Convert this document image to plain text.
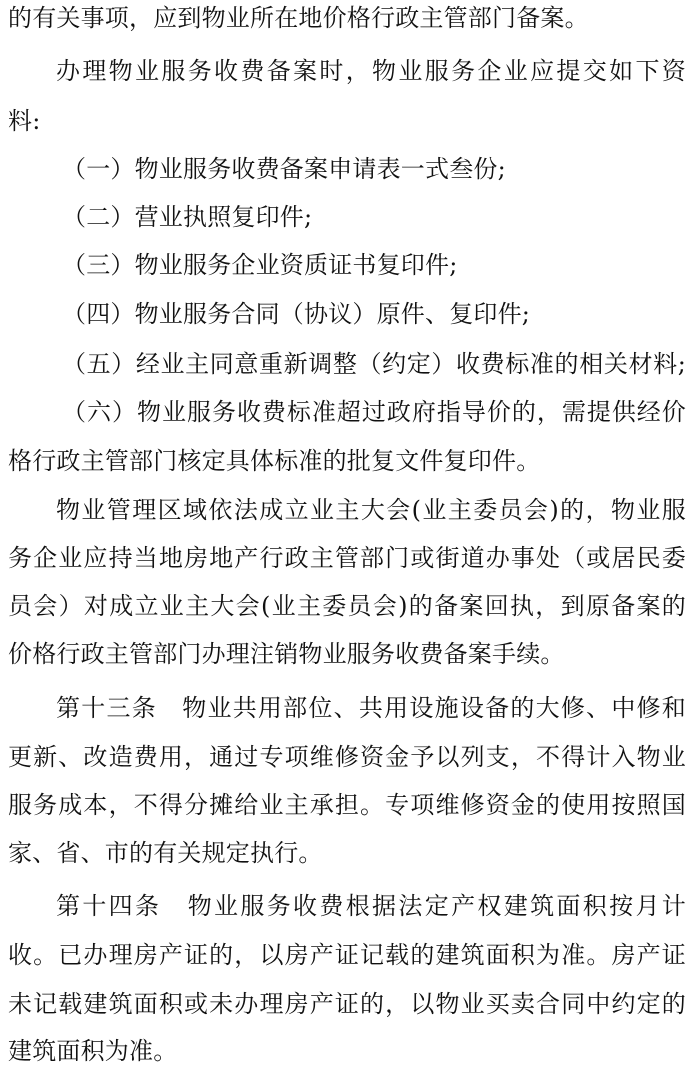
的有关事项，应到物业所在地价格行政主管部门备案。
办理物业服务收费备案时，物业服务企业应提交如下资
料:
（一）物业服务收费备案申请表一式叁份;
（二）营业执照复印件;
（三）物业服务企业资质证书复印件;
（四）物业服务合同（协议）原件、复印件;
（五）经业主同意重新调整（约定）收费标准的相关材料;
（六）物业服务收费标准超过政府指导价的，需提供经价
格行政主管部门核定具体标准的批复文件复印件。
物业管理区域依法成立业主大会(业主委员会)的，物业服
务企业应持当地房地产行政主管部门或街道办事处（或居民委
员会）对成立业主大会(业主委员会)的备案回执，到原备案的
价格行政主管部门办理注销物业服务收费备案手续。
第十三条　物业共用部位、共用设施设备的大修、中修和
更新、改造费用，通过专项维修资金予以列支，不得计入物业
服务成本，不得分摊给业主承担。专项维修资金的使用按照国
家、省、市的有关规定执行。
第十四条　物业服务收费根据法定产权建筑面积按月计
收。已办理房产证的，以房产证记载的建筑面积为准。房产证
未记载建筑面积或未办理房产证的，以物业买卖合同中约定的
建筑面积为准。
